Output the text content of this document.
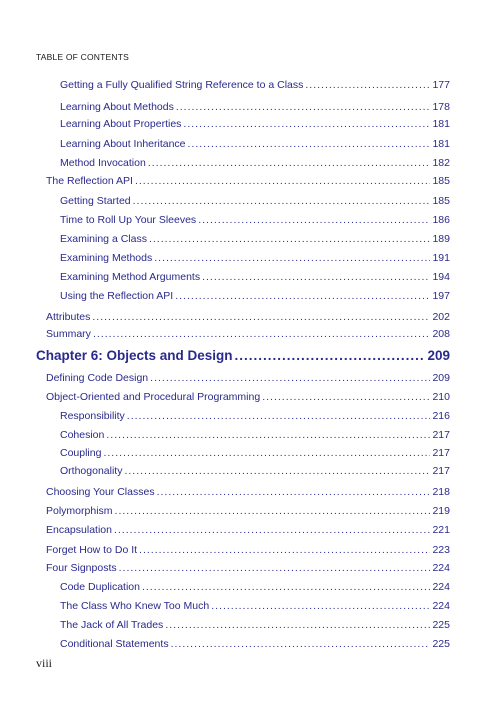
TABLE OF CONTENTS
Getting a Fully Qualified String Reference to a Class .....	177
Learning About Methods .....	178
Learning About Properties .....	181
Learning About Inheritance .....	181
Method Invocation .....	182
The Reflection API .....	185
Getting Started .....	185
Time to Roll Up Your Sleeves .....	186
Examining a Class .....	189
Examining Methods .....	191
Examining Method Arguments .....	194
Using the Reflection API .....	197
Attributes .....	202
Summary .....	208
Chapter 6: Objects and Design .....	209
Defining Code Design .....	209
Object-Oriented and Procedural Programming .....	210
Responsibility .....	216
Cohesion .....	217
Coupling .....	217
Orthogonality .....	217
Choosing Your Classes .....	218
Polymorphism .....	219
Encapsulation .....	221
Forget How to Do It .....	223
Four Signposts .....	224
Code Duplication .....	224
The Class Who Knew Too Much .....	224
The Jack of All Trades .....	225
Conditional Statements .....	225
viii
